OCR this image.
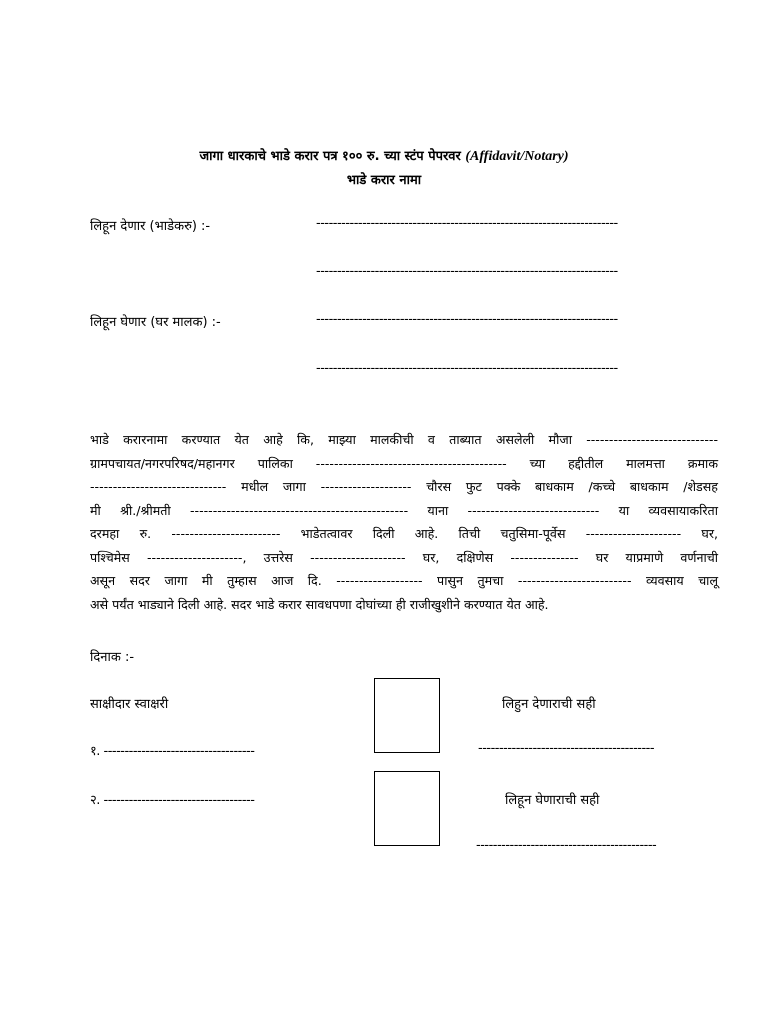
जागा धारकाचे भाडे करार पत्र १०० रु. च्या स्टंप पेपरवर (Affidavit/Notary)
भाडे करार नामा
लिहून देणार (भाडेकरु) :-	------------------------------------------------------------------------
------------------------------------------------------------------------
लिहून घेणार (घर मालक) :-	------------------------------------------------------------------------
------------------------------------------------------------------------
भाडे करारनामा करण्यात येत आहे कि, माझ्या मालकीची व ताब्यात असलेली मौजा -----------------------------
ग्रामपचायत/नगरपरिषद/महानगर पालिका ------------------------------------------ च्या हद्दीतील मालमत्ता क्रमाक
------------------------------ मधील जागा -------------------- चौरस फुट पक्के बाधकाम /कच्चे बाधकाम /शेडसह
मी श्री./श्रीमती ------------------------------------------------ याना ----------------------------- या व्यवसायाकरिता
दरमहा रु. ------------------------ भाडेतत्वावर दिली आहे. तिची चतुसिमा-पूर्वेस --------------------- घर,
पश्चिमेस ---------------------, उत्तरेस --------------------- घर, दक्षिणेस --------------- घर याप्रमाणे वर्णनाची
असून सदर जागा मी तुम्हास आज दि. ------------------- पासुन तुमचा ------------------------- व्यवसाय चालू
असे पर्यंत भाड्याने दिली आहे. सदर भाडे करार सावधपणा दोघांच्या ही राजीखुशीने करण्यात येत आहे.
दिनाक :-
साक्षीदार स्वाक्षरी
१. ------------------------------------
२. ------------------------------------
लिहुन देणाराची सही
------------------------------------------
लिहून घेणाराची सही
-------------------------------------------
